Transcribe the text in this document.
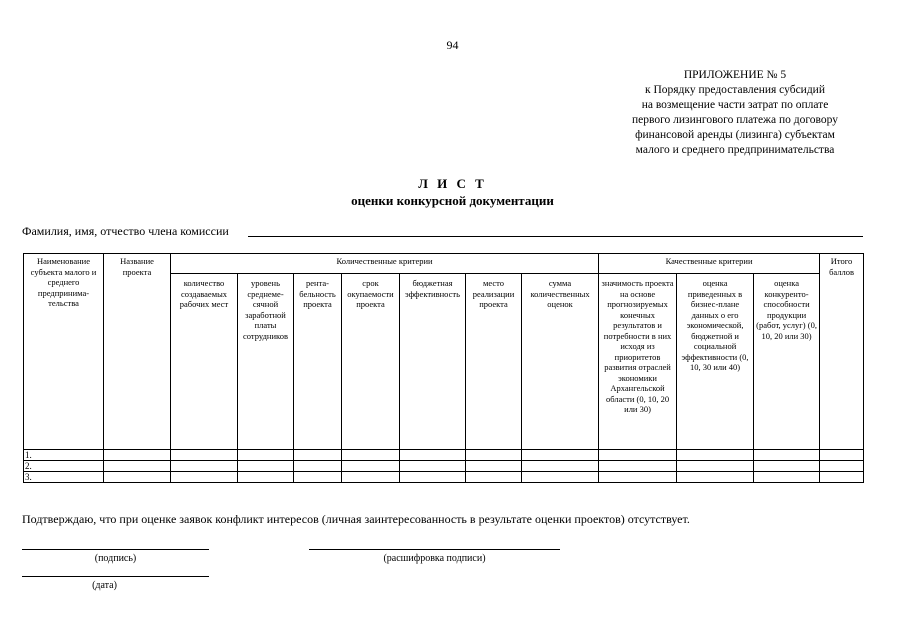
94
ПРИЛОЖЕНИЕ № 5
к Порядку предоставления субсидий
на возмещение части затрат по оплате
первого лизингового платежа по договору
финансовой аренды (лизинга) субъектам
малого и среднего предпринимательства
Л И С Т
оценки конкурсной документации
Фамилия, имя, отчество члена комиссии
Наименование субъекта малого и среднего предпринима-тельства	Название проекта	Количественные критерии							Качественные критерии			Итого баллов
		количество создаваемых рабочих мест	уровень среднеме-сячной заработной платы сотрудников	рента-бельность проекта	срок окупаемости проекта	бюджетная эффективность	место реализации проекта	сумма количественных оценок	значимость проекта на основе прогнозируемых конечных результатов и потребности в них исходя из приоритетов развития отраслей экономики Архангельской области (0, 10, 20 или 30)	оценка приведенных в бизнес-плане данных о его экономической, бюджетной и социальной эффективности (0, 10, 30 или 40)	оценка конкуренто-способности продукции (работ, услуг) (0, 10, 20 или 30)	
1.												
2.												
3.												
Подтверждаю, что при оценке заявок конфликт интересов (личная заинтересованность в результате оценки проектов) отсутствует.
(подпись)	(расшифровка подписи)
(дата)
